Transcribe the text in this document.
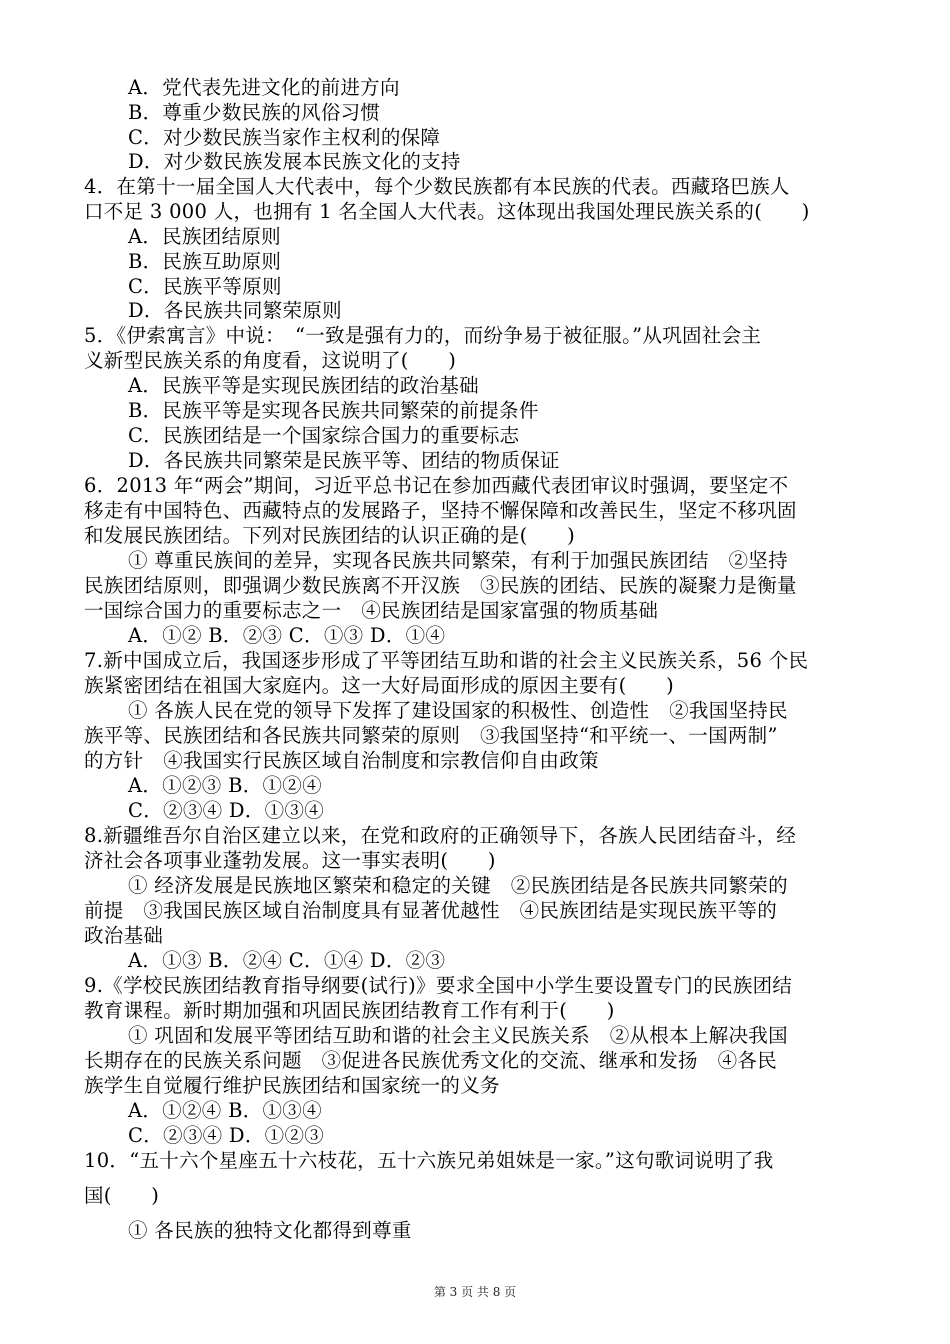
A．党代表先进文化的前进方向
B．尊重少数民族的风俗习惯
C．对少数民族当家作主权利的保障
D．对少数民族发展本民族文化的支持
4．在第十一届全国人大代表中，每个少数民族都有本民族的代表。西藏珞巴族人
口不足 3 000 人，也拥有 1 名全国人大代表。这体现出我国处理民族关系的(　　)
A．民族团结原则
B．民族互助原则
C．民族平等原则
D．各民族共同繁荣原则
5．《伊索寓言》中说：　“一致是强有力的，而纷争易于被征服。”从巩固社会主
义新型民族关系的角度看，这说明了(　　)
A．民族平等是实现民族团结的政治基础
B．民族平等是实现各民族共同繁荣的前提条件
C．民族团结是一个国家综合国力的重要标志
D．各民族共同繁荣是民族平等、团结的物质保证
6．2013 年“两会”期间，习近平总书记在参加西藏代表团审议时强调，要坚定不
移走有中国特色、西藏特点的发展路子，坚持不懈保障和改善民生，坚定不移巩固
和发展民族团结。下列对民族团结的认识正确的是(　　)
① 尊重民族间的差异，实现各民族共同繁荣，有利于加强民族团结　②坚持
民族团结原则，即强调少数民族离不开汉族　③民族的团结、民族的凝聚力是衡量
一国综合国力的重要标志之一　④民族团结是国家富强的物质基础
A．①② B．②③ C．①③ D．①④
7.新中国成立后，我国逐步形成了平等团结互助和谐的社会主义民族关系，56 个民
族紧密团结在祖国大家庭内。这一大好局面形成的原因主要有(　　)
① 各族人民在党的领导下发挥了建设国家的积极性、创造性　②我国坚持民
族平等、民族团结和各民族共同繁荣的原则　③我国坚持“和平统一、一国两制”
的方针　④我国实行民族区域自治制度和宗教信仰自由政策
A．①②③ B．①②④
C．②③④ D．①③④
8.新疆维吾尔自治区建立以来，在党和政府的正确领导下，各族人民团结奋斗，经
济社会各项事业蓬勃发展。这一事实表明(　　)
① 经济发展是民族地区繁荣和稳定的关键　②民族团结是各民族共同繁荣的
前提　③我国民族区域自治制度具有显著优越性　④民族团结是实现民族平等的
政治基础
A．①③ B．②④ C．①④ D．②③
9.《学校民族团结教育指导纲要(试行)》要求全国中小学生要设置专门的民族团结
教育课程。新时期加强和巩固民族团结教育工作有利于(　　)
① 巩固和发展平等团结互助和谐的社会主义民族关系　②从根本上解决我国
长期存在的民族关系问题　③促进各民族优秀文化的交流、继承和发扬　④各民
族学生自觉履行维护民族团结和国家统一的义务
A．①②④ B．①③④
C．②③④ D．①②③
10．“五十六个星座五十六枝花，五十六族兄弟姐妹是一家。”这句歌词说明了我
国(　　)
① 各民族的独特文化都得到尊重
第 3 页 共 8 页
